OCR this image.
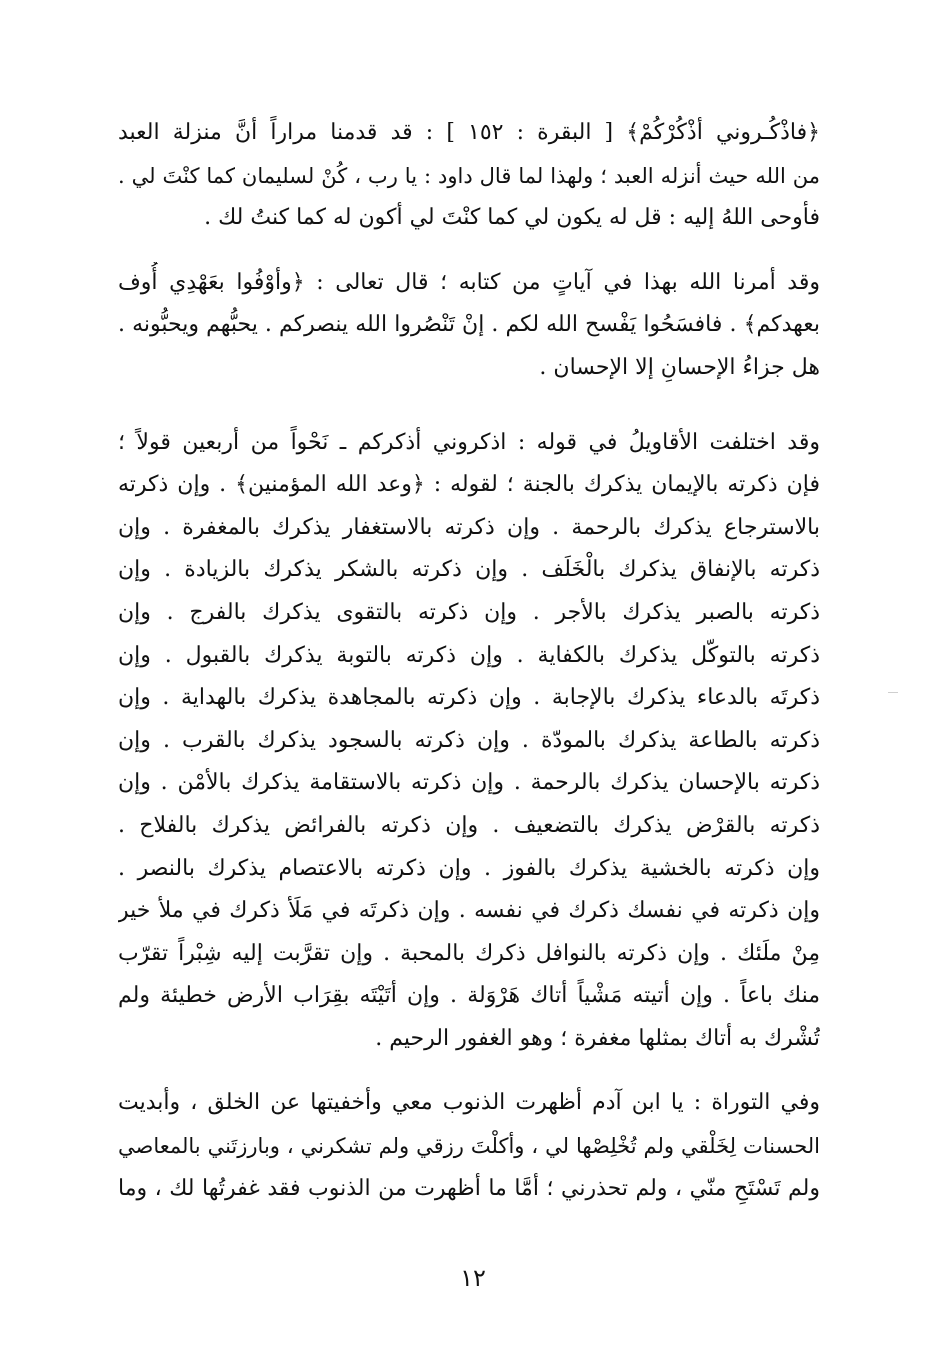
﴿فاذْكُـروني أذْكُرْكُمْ﴾ [ البقرة : ١٥٢ ] : قد قدمنا مراراً أنَّ منزلة العبد
من الله حيث أنزله العبد ؛ ولهذا لما قال داود : يا رب ، كُنْ لسليمان كما كنْتَ لي .
فأوحى اللهُ إليه : قل له يكون لي كما كنْتَ لي أكون له كما كنتُ لك .
وقد أمرنا الله بهذا في آياتٍ من كتابه ؛ قال تعالى : ﴿وأوْفُوا بعَهْدِي أُوف
بعهدكم﴾ . فافسَحُوا يَفْسح الله لكم . إنْ تَنْصُروا الله ينصركم . يحبُّهم ويحبُّونه .
هل جزاءُ الإحسانِ إلا الإحسان .
وقد اختلفت الأقاويلُ في قوله : اذكروني أذكركم ـ نَحْواً من أربعين قولاً ؛
فإن ذكرته بالإيمان يذكرك بالجنة ؛ لقوله : ﴿وعد الله المؤمنين﴾ . وإن ذكرته
بالاسترجاع يذكرك بالرحمة . وإن ذكرته بالاستغفار يذكرك بالمغفرة . وإن
ذكرته بالإنفاق يذكرك بالْخَلَف . وإن ذكرته بالشكر يذكرك بالزيادة . وإن
ذكرته بالصبر يذكرك بالأجر . وإن ذكرته بالتقوى يذكرك بالفرج . وإن
ذكرته بالتوكّل يذكرك بالكفاية . وإن ذكرته بالتوبة يذكرك بالقبول . وإن
ذكرتَه بالدعاء يذكرك بالإجابة . وإن ذكرته بالمجاهدة يذكرك بالهداية . وإن
ذكرته بالطاعة يذكرك بالمودّة . وإن ذكرته بالسجود يذكرك بالقرب . وإن
ذكرته بالإحسان يذكرك بالرحمة . وإن ذكرته بالاستقامة يذكرك بالأمْن . وإن
ذكرته بالقرْض يذكرك بالتضعيف . وإن ذكرته بالفرائض يذكرك بالفلاح .
وإن ذكرته بالخشية يذكرك بالفوز . وإن ذكرته بالاعتصام يذكرك بالنصر .
وإن ذكرته في نفسك ذكرك في نفسه . وإن ذكرتَه في مَلَأ ذكرك في ملأ خير
مِنْ ملَئك . وإن ذكرته بالنوافل ذكرك بالمحبة . وإن تقرَّبت إليه شِبْراً تقرّب
منك باعاً . وإن أتيته مَشْياً أتاك هَرْوَلة . وإن أتَيْتَه بقِرَاب الأرض خطيئة ولم
تُشْرك به أتاك بمثلها مغفرة ؛ وهو الغفور الرحيم .
وفي التوراة : يا ابن آدم أظهرت الذنوب معي وأخفيتها عن الخلق ، وأبديت
الحسنات لِخَلْقي ولم تُخْلِصْها لي ، وأكلْتَ رزقي ولم تشكرني ، وبارزتَني بالمعاصي
ولم تَسْتَحِ منّي ، ولم تحذرني ؛ أمَّا ما أظهرت من الذنوب فقد غفرتُها لك ، وما
١٢
